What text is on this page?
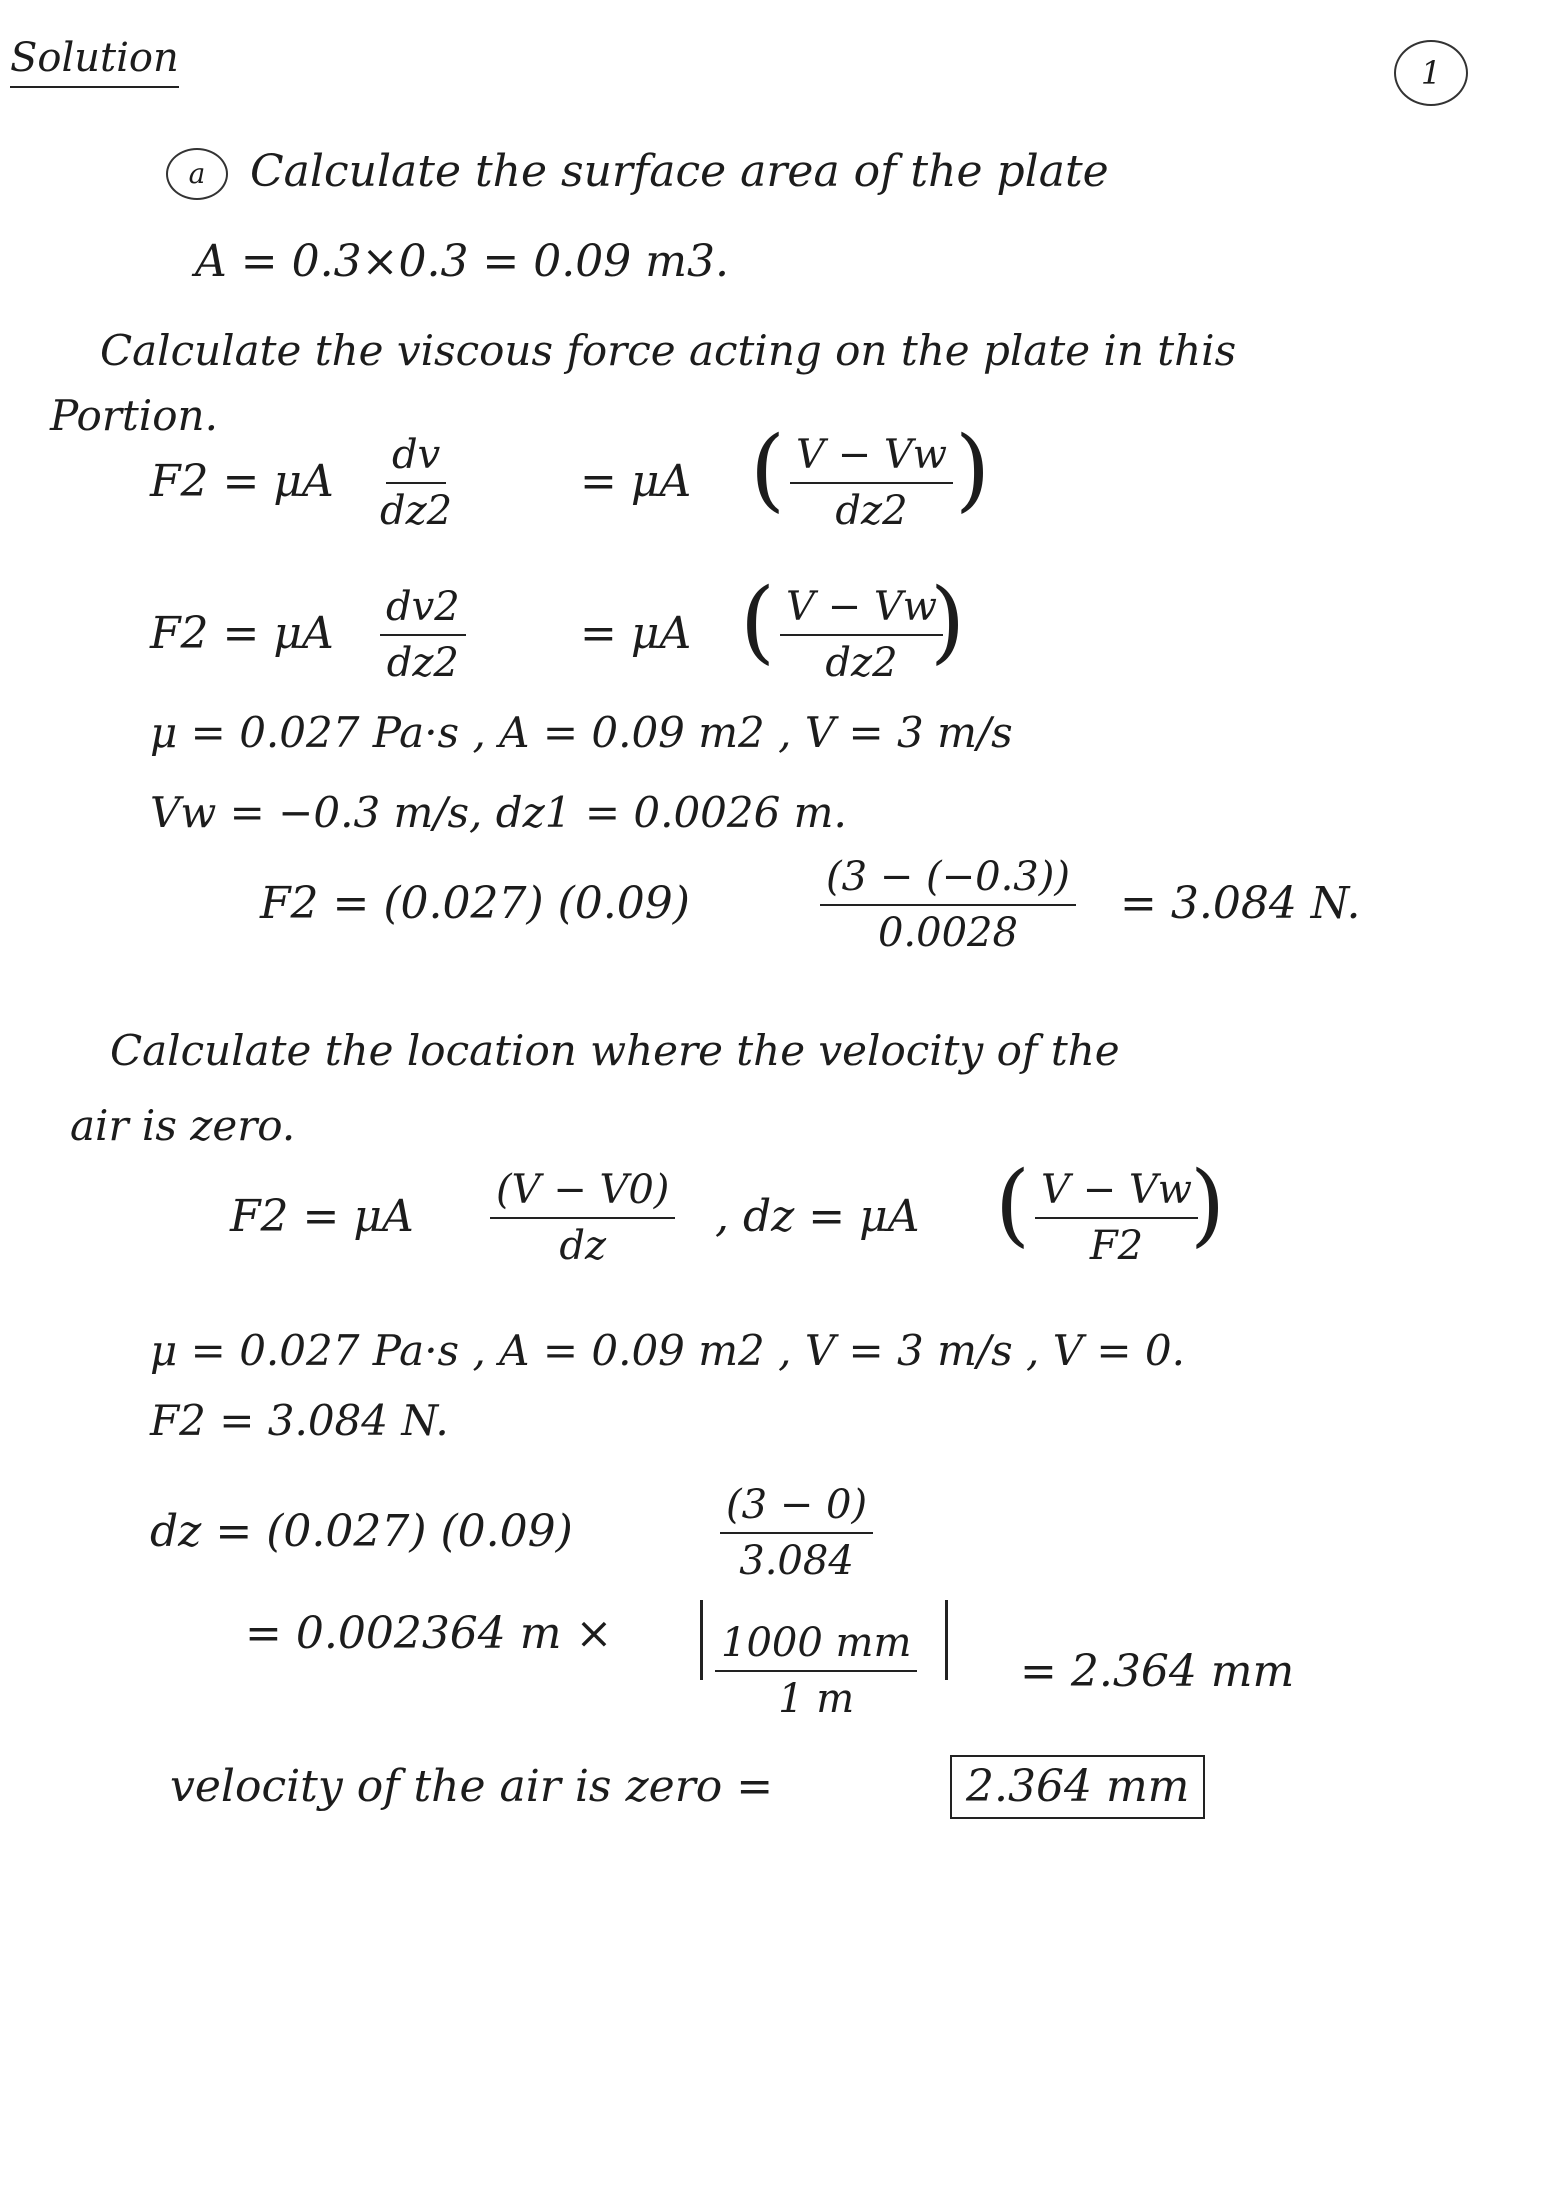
Solution	1
a	Calculate the surface area of the plate
A = 0.3×0.3 = 0.09 m3.
Calculate the viscous force acting on the plate in this
Portion.
F2 = μA $\frac{dv}{dz2}$	= μA ( $\frac{V - Vw}{dz2}$ )
F2 = μA $\frac{dv2}{dz2}$	= μA ( $\frac{V - Vw}{dz2}$
)
μ = 0.027 Pa·s , A = 0.09 m2 , V = 3 m/s
Vw = −0.3 m/s, dz1 = 0.0026 m.
F2 = (0.027) (0.09)	$\frac{(3 - (-0.3))}{0.0028} = 3.084$ N.
Calculate the location where the velocity of the
air is zero.
F2 = μA $\frac{(V - V0)}{dz}$ , dz = μA ( $\frac{V - Vw}{F2}$
)
μ = 0.027 Pa·s , A = 0.09 m2 , V = 3 m/s , V = 0.
F2 = 3.084 N.
dz = (0.027) (0.09)	$\frac{(3 - 0)}{3.084}$
= 0.002364 m ×	$\frac{1000 mm}{1 m} = 2.364$ mm
velocity of the air is zero =	2.364 mm
